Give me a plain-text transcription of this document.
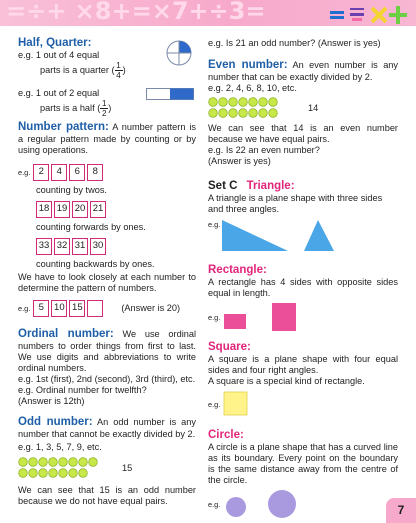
=÷+ ×8+=×7+÷3=
Half, Quarter:

e.g. 1 out of 4 equal

parts is a quarter ( $\frac{1}{4}$ )

e.g. 1 out of 2 equal

parts is a half ( $\frac{1}{2}$ )

Number pattern: A number pattern is a regular pattern made by counting or by using operations.

e.g. 2	4	6	8

counting by twos.

18 19 20 21

counting forwards by ones.

33 32 31 30

counting backwards by ones.

We have to look closely at each number to determine the pattern of numbers.

e.g. 5	10 15	(Answer is 20)

Ordinal number: We use ordinal numbers to order things from first to last. We use digits and abbreviations to write ordinal numbers.

e.g. 1st (first), 2nd (second), 3rd (third), etc.

e.g. Ordinal number for twelfth?

(Answer is 12th)

Odd number: An odd number is any number that cannot be exactly divided by 2.

e.g. 1, 3, 5, 7, 9, etc.

15

We can see that 15 is an odd number because we do not have equal pairs.

e.g. Is 21 an odd number? (Answer is yes)

Even number: An even number is any number that can be exactly divided by 2.

e.g. 2, 4, 6, 8, 10, etc.

14

We can see that 14 is an even number because we have equal pairs.

e.g. Is 22 an even number?

(Answer is yes)

Set C Triangle:

A triangle is a plane shape with three sides and three angles.

e.g.
Rectangle:

A rectangle has 4 sides with opposite sides equal in length.

e.g.
Square:

A square is a plane shape with four equal sides and four right angles.

A square is a special kind of rectangle.

e.g.
Circle:

A circle is a plane shape that has a curved line as its boundary. Every point on the boundary is the same distance away from the centre of the circle.

e.g.	7
